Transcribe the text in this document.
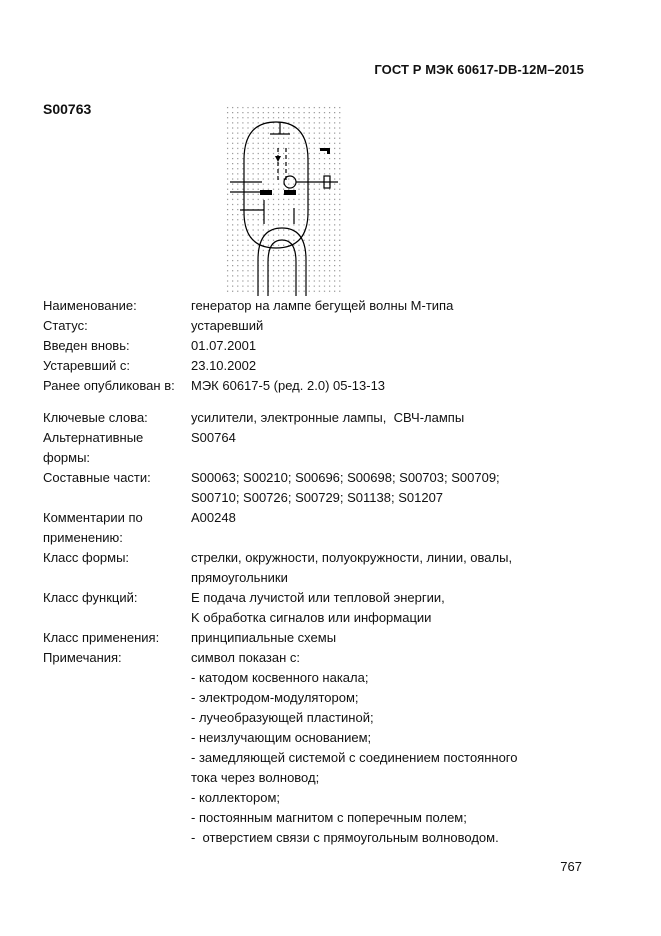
ГОСТ Р МЭК 60617-DB-12M–2015
S00763
Наименование:	генератор на лампе бегущей волны М-типа
Статус:	устаревший
Введен вновь:	01.07.2001
Устаревший с:	23.10.2002
Ранее опубликован в:	МЭК 60617-5 (ред. 2.0) 05-13-13
Ключевые слова:	усилители, электронные лампы,  СВЧ-лампы
Альтернативные формы:
S00764
Составные части:	S00063; S00210; S00696; S00698; S00703; S00709;
S00710; S00726; S00729; S01138; S01207
Комментарии по применению:
A00248
Класс формы:	стрелки, окружности, полуокружности, линии, овалы,
прямоугольники
Класс функций:	E подача лучистой или тепловой энергии,
K обработка сигналов или информации
Класс применения:	принципиальные схемы
Примечания:	символ показан с:
- катодом косвенного накала;
- электродом-модулятором;
- лучеобразующей пластиной;
- неизлучающим основанием;
- замедляющей системой с соединением постоянного
тока через волновод;
- коллектором;
- постоянным магнитом с поперечным полем;
-  отверстием связи с прямоугольным волноводом.
767
